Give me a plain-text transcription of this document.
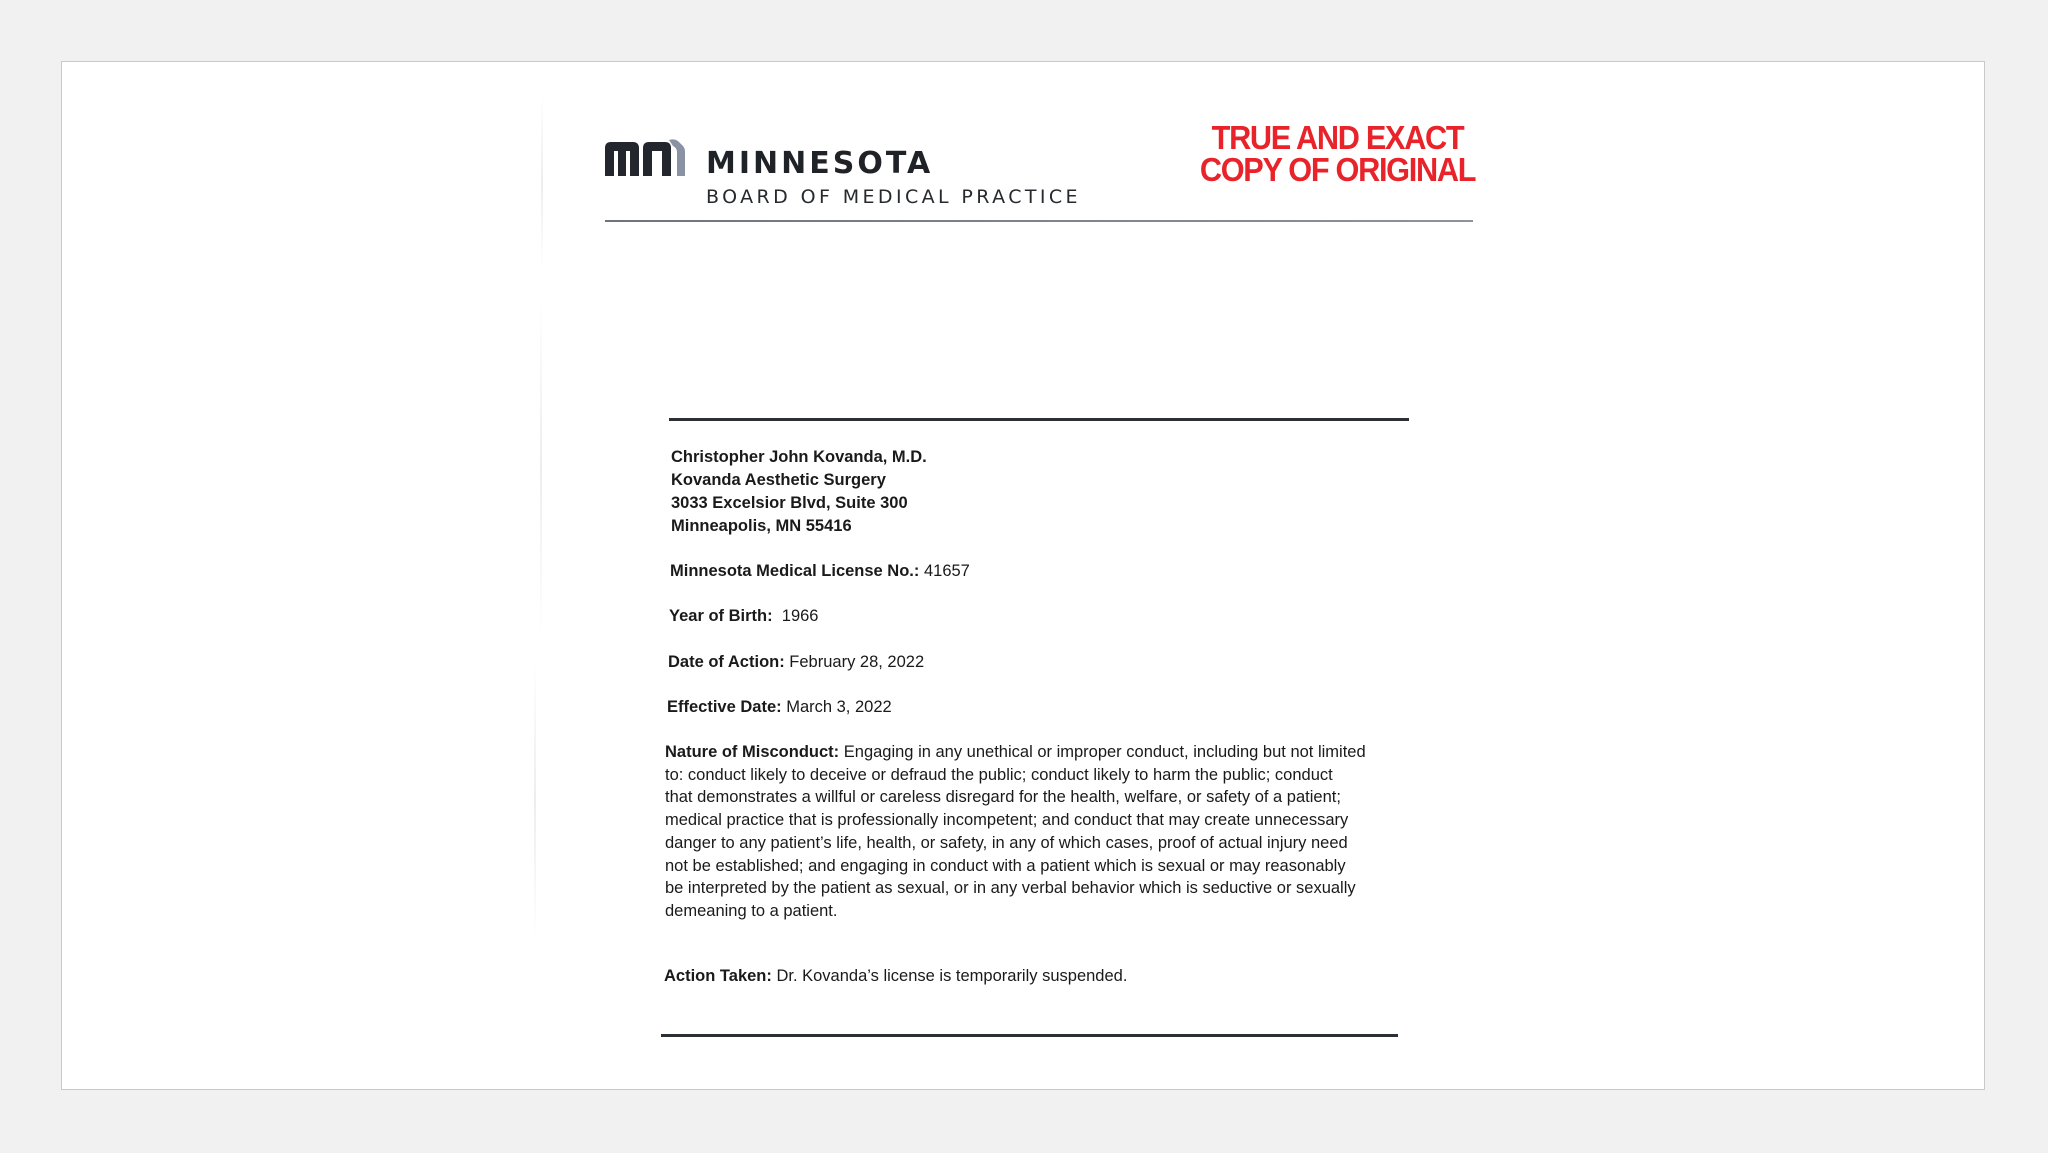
MINNESOTA
BOARD OF MEDICAL PRACTICE
TRUE AND EXACT
COPY OF ORIGINAL
Christopher John Kovanda, M.D.
Kovanda Aesthetic Surgery
3033 Excelsior Blvd, Suite 300
Minneapolis, MN 55416
Minnesota Medical License No.: 41657
Year of Birth:  1966
Date of Action: February 28, 2022
Effective Date: March 3, 2022
Nature of Misconduct: Engaging in any unethical or improper conduct, including but not limited
to: conduct likely to deceive or defraud the public; conduct likely to harm the public; conduct
that demonstrates a willful or careless disregard for the health, welfare, or safety of a patient;
medical practice that is professionally incompetent; and conduct that may create unnecessary
danger to any patient’s life, health, or safety, in any of which cases, proof of actual injury need
not be established; and engaging in conduct with a patient which is sexual or may reasonably
be interpreted by the patient as sexual, or in any verbal behavior which is seductive or sexually
demeaning to a patient.
Action Taken: Dr. Kovanda’s license is temporarily suspended.
